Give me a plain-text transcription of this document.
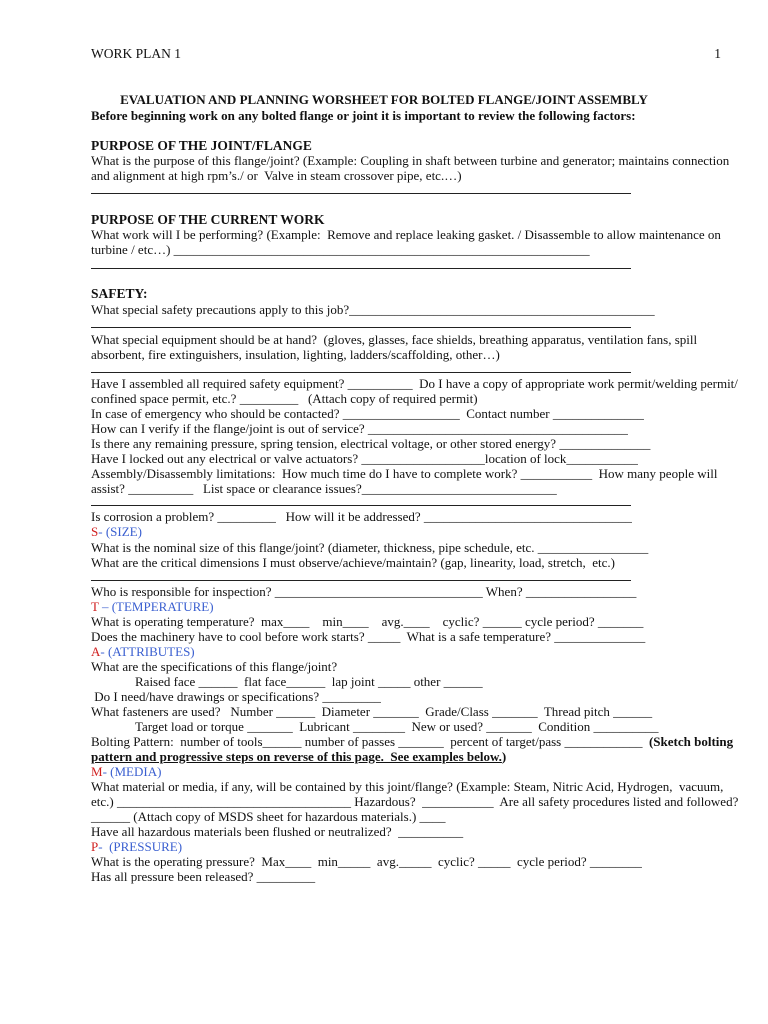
WORK PLAN 1	1
EVALUATION AND PLANNING WORSHEET FOR BOLTED FLANGE/JOINT ASSEMBLY
Before beginning work on any bolted flange or joint it is important to review the following factors:
PURPOSE OF THE JOINT/FLANGE
What is the purpose of this flange/joint? (Example: Coupling in shaft between turbine and generator; maintains connection
and alignment at high rpm’s./ or  Valve in steam crossover pipe, etc.…)
PURPOSE OF THE CURRENT WORK
What work will I be performing? (Example:  Remove and replace leaking gasket. / Disassemble to allow maintenance on
turbine / etc…) ________________________________________________________________
SAFETY:
What special safety precautions apply to this job?_______________________________________________
What special equipment should be at hand?  (gloves, glasses, face shields, breathing apparatus, ventilation fans, spill
absorbent, fire extinguishers, insulation, lighting, ladders/scaffolding, other…)
Have I assembled all required safety equipment? __________  Do I have a copy of appropriate work permit/welding permit/
confined space permit, etc.? _________   (Attach copy of required permit)
In case of emergency who should be contacted? __________________  Contact number ______________
How can I verify if the flange/joint is out of service? ________________________________________
Is there any remaining pressure, spring tension, electrical voltage, or other stored energy? ______________
Have I locked out any electrical or valve actuators? ___________________location of lock___________
Assembly/Disassembly limitations:  How much time do I have to complete work? ___________  How many people will
assist? __________   List space or clearance issues?______________________________
Is corrosion a problem? _________   How will it be addressed? ________________________________
S- (SIZE)
What is the nominal size of this flange/joint? (diameter, thickness, pipe schedule, etc. _________________
What are the critical dimensions I must observe/achieve/maintain? (gap, linearity, load, stretch,  etc.)
Who is responsible for inspection? ________________________________ When? _________________
T – (TEMPERATURE)
What is operating temperature?  max____    min____    avg.____    cyclic? ______ cycle period? _______
Does the machinery have to cool before work starts? _____  What is a safe temperature? ______________
A- (ATTRIBUTES)
What are the specifications of this flange/joint?
Raised face ______  flat face______  lap joint _____ other ______
Do I need/have drawings or specifications? _________
What fasteners are used?   Number ______  Diameter _______  Grade/Class _______  Thread pitch ______
Target load or torque _______  Lubricant ________  New or used? _______  Condition __________
Bolting Pattern:  number of tools______ number of passes _______  percent of target/pass ____________  (Sketch bolting
pattern and progressive steps on reverse of this page.  See examples below.)
M- (MEDIA)
What material or media, if any, will be contained by this joint/flange? (Example: Steam, Nitric Acid, Hydrogen,  vacuum,
etc.) ____________________________________ Hazardous?  ___________  Are all safety procedures listed and followed?
______ (Attach copy of MSDS sheet for hazardous materials.) ____
Have all hazardous materials been flushed or neutralized?  __________
P-  (PRESSURE)
What is the operating pressure?  Max____  min_____  avg._____  cyclic? _____  cycle period? ________
Has all pressure been released? _________
